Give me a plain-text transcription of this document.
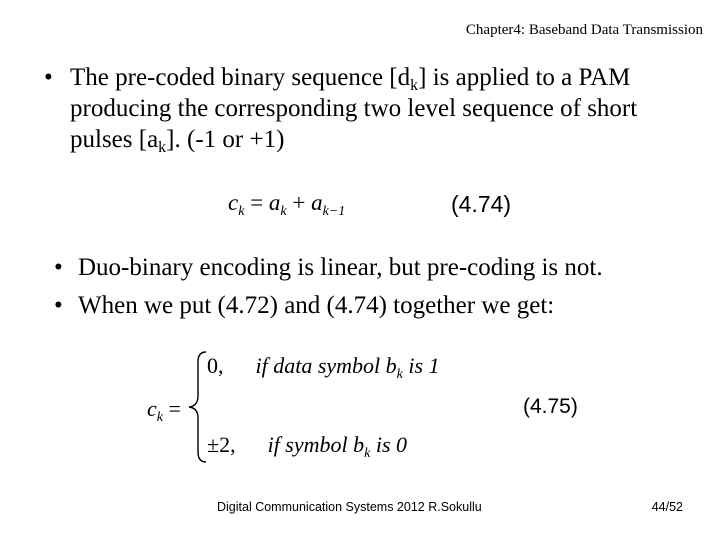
Chapter4: Baseband Data Transmission
• The pre-coded binary sequence $[d_k]$ is applied to a PAM producing the corresponding two level sequence of short pulses $[a_k]$. (-1 or +1)
$c_k = a_k + a_{k-1}$	(4.74)
• Duo-binary encoding is linear, but pre-coding is not.
• When we put (4.72) and (4.74) together we get:
$c_k$ =
0, if data symbol $b_k$ is 1
±2, if symbol $b_k$ is 0
(4.75)
Digital Communication Systems 2012 R.Sokullu	44/52
